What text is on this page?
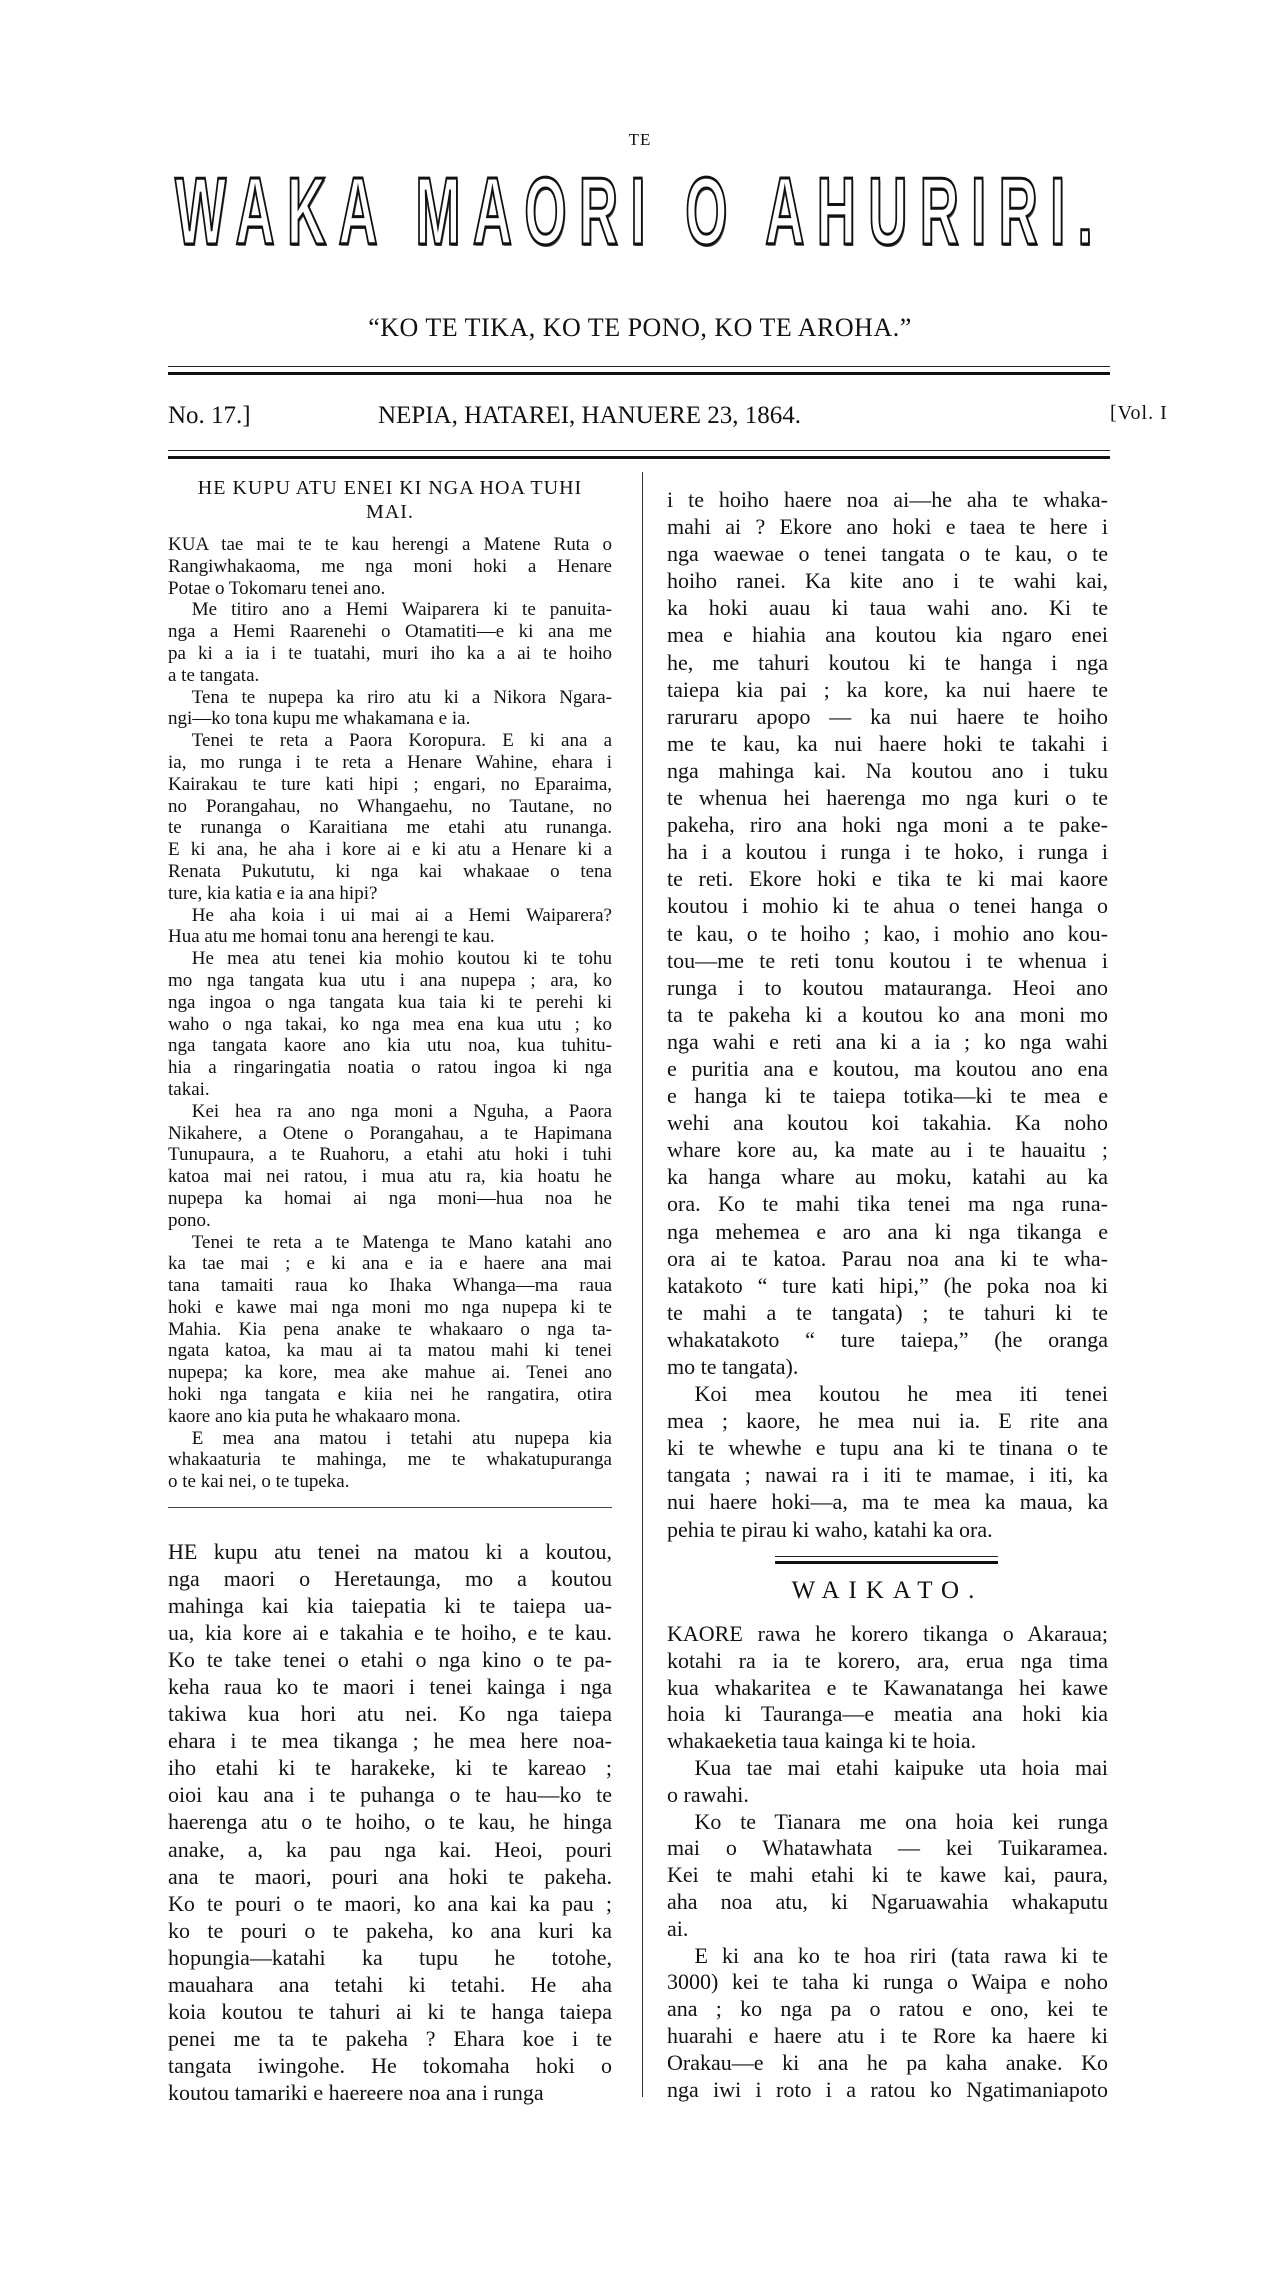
TE
WAKA MAORI O AHURIRI.
“KO TE TIKA, KO TE PONO, KO TE AROHA.”
No. 17.]	NEPIA, HATAREI, HANUERE 23, 1864.	[Vol. I
HE KUPU ATU ENEI KI NGA HOA TUHI
MAI.
KUA tae mai te te kau herengi a Matene Ruta o
Rangiwhakaoma, me nga moni hoki a Henare
Potae o Tokomaru tenei ano.
Me titiro ano a Hemi Waiparera ki te panuita-
nga a Hemi Raarenehi o Otamatiti—e ki ana me
pa ki a ia i te tuatahi, muri iho ka a ai te hoiho
a te tangata.
Tena te nupepa ka riro atu ki a Nikora Ngara-
ngi—ko tona kupu me whakamana e ia.
Tenei te reta a Paora Koropura. E ki ana a
ia, mo runga i te reta a Henare Wahine, ehara i
Kairakau te ture kati hipi ; engari, no Eparaima,
no Porangahau, no Whangaehu, no Tautane, no
te runanga o Karaitiana me etahi atu runanga.
E ki ana, he aha i kore ai e ki atu a Henare ki a
Renata Pukututu, ki nga kai whakaae o tena
ture, kia katia e ia ana hipi?
He aha koia i ui mai ai a Hemi Waiparera?
Hua atu me homai tonu ana herengi te kau.
He mea atu tenei kia mohio koutou ki te tohu
mo nga tangata kua utu i ana nupepa ; ara, ko
nga ingoa o nga tangata kua taia ki te perehi ki
waho o nga takai, ko nga mea ena kua utu ; ko
nga tangata kaore ano kia utu noa, kua tuhitu-
hia a ringaringatia noatia o ratou ingoa ki nga
takai.
Kei hea ra ano nga moni a Nguha, a Paora
Nikahere, a Otene o Porangahau, a te Hapimana
Tunupaura, a te Ruahoru, a etahi atu hoki i tuhi
katoa mai nei ratou, i mua atu ra, kia hoatu he
nupepa ka homai ai nga moni—hua noa he
pono.
Tenei te reta a te Matenga te Mano katahi ano
ka tae mai ; e ki ana e ia e haere ana mai
tana tamaiti raua ko Ihaka Whanga—ma raua
hoki e kawe mai nga moni mo nga nupepa ki te
Mahia. Kia pena anake te whakaaro o nga ta-
ngata katoa, ka mau ai ta matou mahi ki tenei
nupepa; ka kore, mea ake mahue ai. Tenei ano
hoki nga tangata e kiia nei he rangatira, otira
kaore ano kia puta he whakaaro mona.
E mea ana matou i tetahi atu nupepa kia
whakaaturia te mahinga, me te whakatupuranga
o te kai nei, o te tupeka.
HE kupu atu tenei na matou ki a koutou,
nga maori o Heretaunga, mo a koutou
mahinga kai kia taiepatia ki te taiepa ua-
ua, kia kore ai e takahia e te hoiho, e te kau.
Ko te take tenei o etahi o nga kino o te pa-
keha raua ko te maori i tenei kainga i nga
takiwa kua hori atu nei. Ko nga taiepa
ehara i te mea tikanga ; he mea here noa-
iho etahi ki te harakeke, ki te kareao ;
oioi kau ana i te puhanga o te hau—ko te
haerenga atu o te hoiho, o te kau, he hinga
anake, a, ka pau nga kai. Heoi, pouri
ana te maori, pouri ana hoki te pakeha.
Ko te pouri o te maori, ko ana kai ka pau ;
ko te pouri o te pakeha, ko ana kuri ka
hopungia—katahi ka tupu he totohe,
mauahara ana tetahi ki tetahi. He aha
koia koutou te tahuri ai ki te hanga taiepa
penei me ta te pakeha ? Ehara koe i te
tangata iwingohe. He tokomaha hoki o
koutou tamariki e haereere noa ana i runga
i te hoiho haere noa ai—he aha te whaka-
mahi ai ? Ekore ano hoki e taea te here i
nga waewae o tenei tangata o te kau, o te
hoiho ranei. Ka kite ano i te wahi kai,
ka hoki auau ki taua wahi ano. Ki te
mea e hiahia ana koutou kia ngaro enei
he, me tahuri koutou ki te hanga i nga
taiepa kia pai ; ka kore, ka nui haere te
raruraru apopo — ka nui haere te hoiho
me te kau, ka nui haere hoki te takahi i
nga mahinga kai. Na koutou ano i tuku
te whenua hei haerenga mo nga kuri o te
pakeha, riro ana hoki nga moni a te pake-
ha i a koutou i runga i te hoko, i runga i
te reti. Ekore hoki e tika te ki mai kaore
koutou i mohio ki te ahua o tenei hanga o
te kau, o te hoiho ; kao, i mohio ano kou-
tou—me te reti tonu koutou i te whenua i
runga i to koutou matauranga. Heoi ano
ta te pakeha ki a koutou ko ana moni mo
nga wahi e reti ana ki a ia ; ko nga wahi
e puritia ana e koutou, ma koutou ano ena
e hanga ki te taiepa totika—ki te mea e
wehi ana koutou koi takahia. Ka noho
whare kore au, ka mate au i te hauaitu ;
ka hanga whare au moku, katahi au ka
ora. Ko te mahi tika tenei ma nga runa-
nga mehemea e aro ana ki nga tikanga e
ora ai te katoa. Parau noa ana ki te wha-
katakoto “ ture kati hipi,” (he poka noa ki
te mahi a te tangata) ; te tahuri ki te
whakatakoto “ ture taiepa,” (he oranga
mo te tangata).
Koi mea koutou he mea iti tenei
mea ; kaore, he mea nui ia. E rite ana
ki te whewhe e tupu ana ki te tinana o te
tangata ; nawai ra i iti te mamae, i iti, ka
nui haere hoki—a, ma te mea ka maua, ka
pehia te pirau ki waho, katahi ka ora.
WAIKATO.
KAORE rawa he korero tikanga o Akaraua;
kotahi ra ia te korero, ara, erua nga tima
kua whakaritea e te Kawanatanga hei kawe
hoia ki Tauranga—e meatia ana hoki kia
whakaeketia taua kainga ki te hoia.
Kua tae mai etahi kaipuke uta hoia mai
o rawahi.
Ko te Tianara me ona hoia kei runga
mai o Whatawhata — kei Tuikaramea.
Kei te mahi etahi ki te kawe kai, paura,
aha noa atu, ki Ngaruawahia whakaputu
ai.
E ki ana ko te hoa riri (tata rawa ki te
3000) kei te taha ki runga o Waipa e noho
ana ; ko nga pa o ratou e ono, kei te
huarahi e haere atu i te Rore ka haere ki
Orakau—e ki ana he pa kaha anake. Ko
nga iwi i roto i a ratou ko Ngatimaniapoto
